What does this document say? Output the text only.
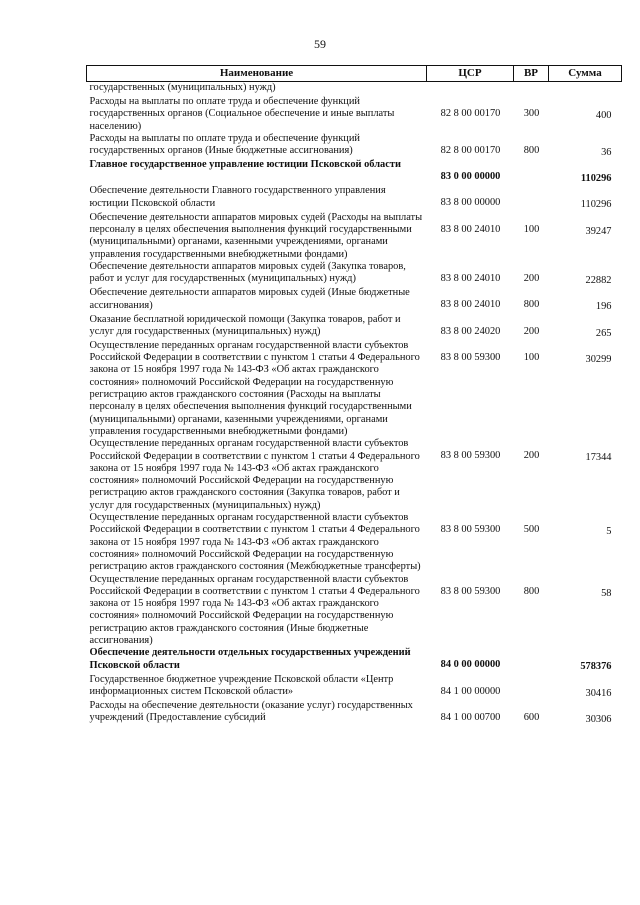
59
Наименование	ЦСР	ВР	Сумма
государственных (муниципальных) нужд)			
Расходы на выплаты по оплате труда и обеспечение функций государственных органов (Социальное обеспечение и иные выплаты населению)	82 8 00 00170	300	400
Расходы на выплаты по оплате труда и обеспечение функций государственных органов (Иные бюджетные ассигнования)	82 8 00 00170	800	36
Главное государственное управление юстиции Псковской области	83 0 00 00000		110296
Обеспечение деятельности Главного государственного управления юстиции Псковской области	83 8 00 00000		110296
Обеспечение деятельности аппаратов мировых судей (Расходы на выплаты персоналу в целях обеспечения выполнения функций государственными (муниципальными) органами, казенными учреждениями, органами управления государственными внебюджетными фондами)	83 8 00 24010	100	39247
Обеспечение деятельности аппаратов мировых судей (Закупка товаров, работ и услуг для государственных (муниципальных) нужд)	83 8 00 24010	200	22882
Обеспечение деятельности аппаратов мировых судей (Иные бюджетные ассигнования)	83 8 00 24010	800	196
Оказание бесплатной юридической помощи (Закупка товаров, работ и услуг для государственных (муниципальных) нужд)	83 8 00 24020	200	265
Осуществление переданных органам государственной власти субъектов Российской Федерации в соответствии с пунктом 1 статьи 4 Федерального закона от 15 ноября 1997 года № 143-ФЗ «Об актах гражданского состояния» полномочий Российской Федерации на государственную регистрацию актов гражданского состояния (Расходы на выплаты персоналу в целях обеспечения выполнения функций государственными (муниципальными) органами, казенными учреждениями, органами управления государственными внебюджетными фондами)	83 8 00 59300	100	30299
Осуществление переданных органам государственной власти субъектов Российской Федерации в соответствии с пунктом 1 статьи 4 Федерального закона от 15 ноября 1997 года № 143-ФЗ «Об актах гражданского состояния» полномочий Российской Федерации на государственную регистрацию актов гражданского состояния (Закупка товаров, работ и услуг для государственных (муниципальных) нужд)	83 8 00 59300	200	17344
Осуществление переданных органам государственной власти субъектов Российской Федерации в соответствии с пунктом 1 статьи 4 Федерального закона от 15 ноября 1997 года № 143-ФЗ «Об актах гражданского состояния» полномочий Российской Федерации на государственную регистрацию актов гражданского состояния (Межбюджетные трансферты)	83 8 00 59300	500	5
Осуществление переданных органам государственной власти субъектов Российской Федерации в соответствии с пунктом 1 статьи 4 Федерального закона от 15 ноября 1997 года № 143-ФЗ «Об актах гражданского состояния» полномочий Российской Федерации на государственную регистрацию актов гражданского состояния (Иные бюджетные ассигнования)	83 8 00 59300	800	58
Обеспечение деятельности отдельных государственных учреждений Псковской области	84 0 00 00000		578376
Государственное бюджетное учреждение Псковской области «Центр информационных систем Псковской области»	84 1 00 00000		30416
Расходы на обеспечение деятельности (оказание услуг) государственных учреждений (Предоставление субсидий	84 1 00 00700	600	30306
